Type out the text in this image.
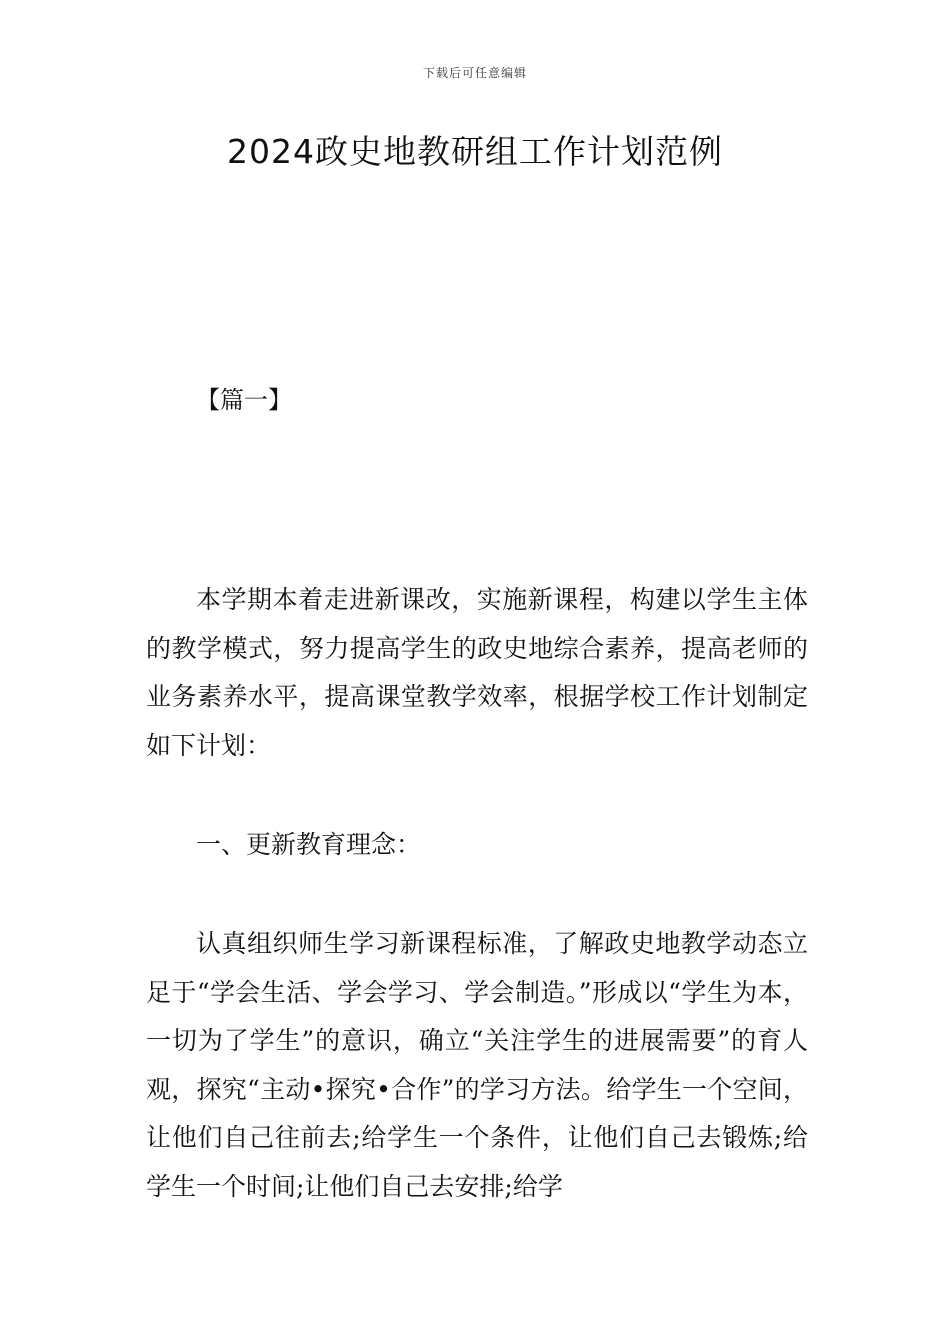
下载后可任意编辑
2024政史地教研组工作计划范例
【篇一】

本学期本着走进新课改，实施新课程，构建以学生主体的教学模式，努力提高学生的政史地综合素养，提高老师的业务素养水平，提高课堂教学效率，根据学校工作计划制定如下计划：

一、更新教育理念：

认真组织师生学习新课程标准，了解政史地教学动态立足于“学会生活、学会学习、学会制造。”形成以“学生为本，一切为了学生”的意识，确立“关注学生的进展需要”的育人观，探究“主动•探究•合作”的学习方法。给学生一个空间，让他们自己往前去;给学生一个条件，让他们自己去锻炼;给学生一个时间;让他们自己去安排;给学
